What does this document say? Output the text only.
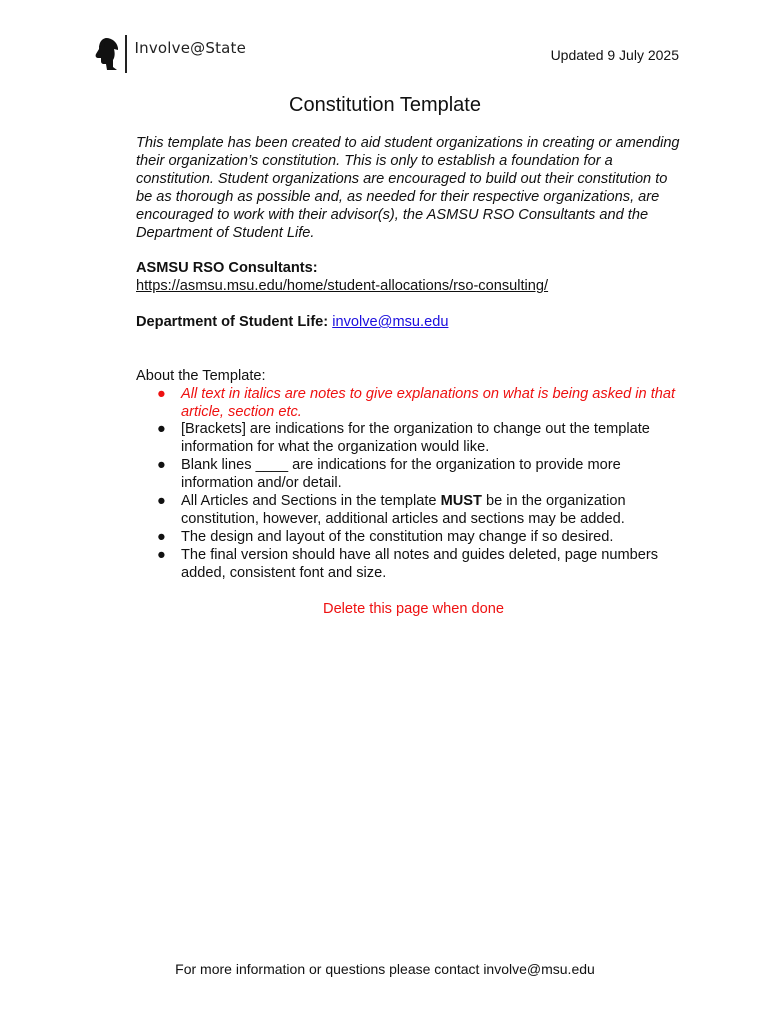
Involve@State	Updated 9 July 2025
Constitution Template

This template has been created to aid student organizations in creating or amending their organization’s constitution. This is only to establish a foundation for a constitution. Student organizations are encouraged to build out their constitution to be as thorough as possible and, as needed for their respective organizations, are encouraged to work with their advisor(s), the ASMSU RSO Consultants and the Department of Student Life.

ASMSU RSO Consultants:

https://asmsu.msu.edu/home/student-allocations/rso-consulting/

Department of Student Life: involve@msu.edu

About the Template:

● All text in italics are notes to give explanations on what is being asked in that article, section etc.
● [Brackets] are indications for the organization to change out the template information for what the organization would like.
● Blank lines ____ are indications for the organization to provide more information and/or detail.
● All Articles and Sections in the template MUST be in the organization constitution, however, additional articles and sections may be added.
● The design and layout of the constitution may change if so desired.
● The final version should have all notes and guides deleted, page numbers added, consistent font and size.

Delete this page when done

For more information or questions please contact involve@msu.edu
